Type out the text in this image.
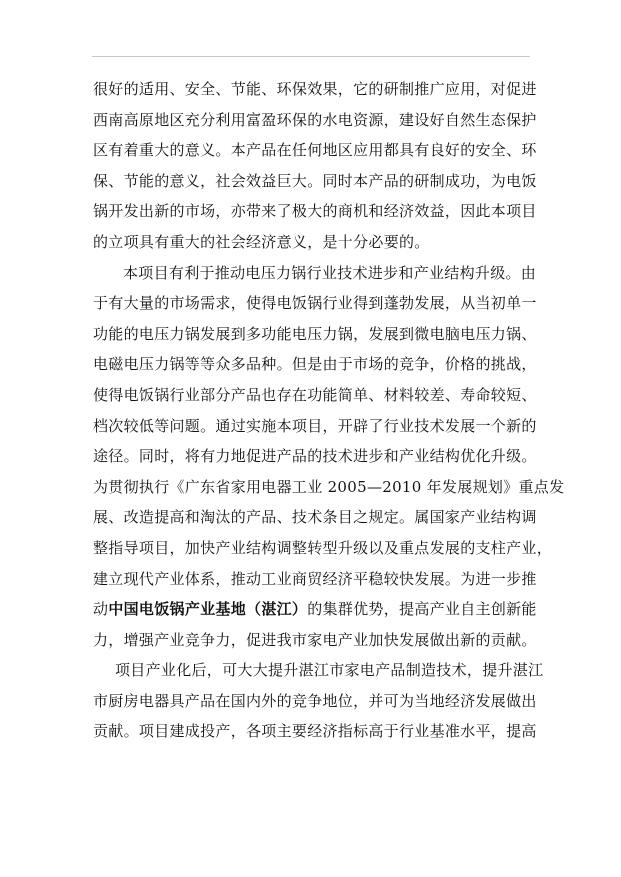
很好的适用、安全、节能、环保效果，它的研制推广应用，对促进
西南高原地区充分利用富盈环保的水电资源，建设好自然生态保护
区有着重大的意义。本产品在任何地区应用都具有良好的安全、环
保、节能的意义，社会效益巨大。同时本产品的研制成功，为电饭
锅开发出新的市场，亦带来了极大的商机和经济效益，因此本项目
的立项具有重大的社会经济意义，是十分必要的。
本项目有利于推动电压力锅行业技术进步和产业结构升级。由
于有大量的市场需求，使得电饭锅行业得到蓬勃发展，从当初单一
功能的电压力锅发展到多功能电压力锅，发展到微电脑电压力锅、
电磁电压力锅等等众多品种。但是由于市场的竞争，价格的挑战，
使得电饭锅行业部分产品也存在功能简单、材料较差、寿命较短、
档次较低等问题。通过实施本项目，开辟了行业技术发展一个新的
途径。同时，将有力地促进产品的技术进步和产业结构优化升级。
为贯彻执行《广东省家用电器工业 2005—2010 年发展规划》重点发
展、改造提高和淘汰的产品、技术条目之规定。属国家产业结构调
整指导项目，加快产业结构调整转型升级以及重点发展的支柱产业，
建立现代产业体系，推动工业商贸经济平稳较快发展。为进一步推
动中国电饭锅产业基地（湛江）的集群优势，提高产业自主创新能
力，增强产业竞争力，促进我市家电产业加快发展做出新的贡献。
项目产业化后，可大大提升湛江市家电产品制造技术，提升湛江
市厨房电器具产品在国内外的竞争地位，并可为当地经济发展做出
贡献。项目建成投产，各项主要经济指标高于行业基准水平，提高
